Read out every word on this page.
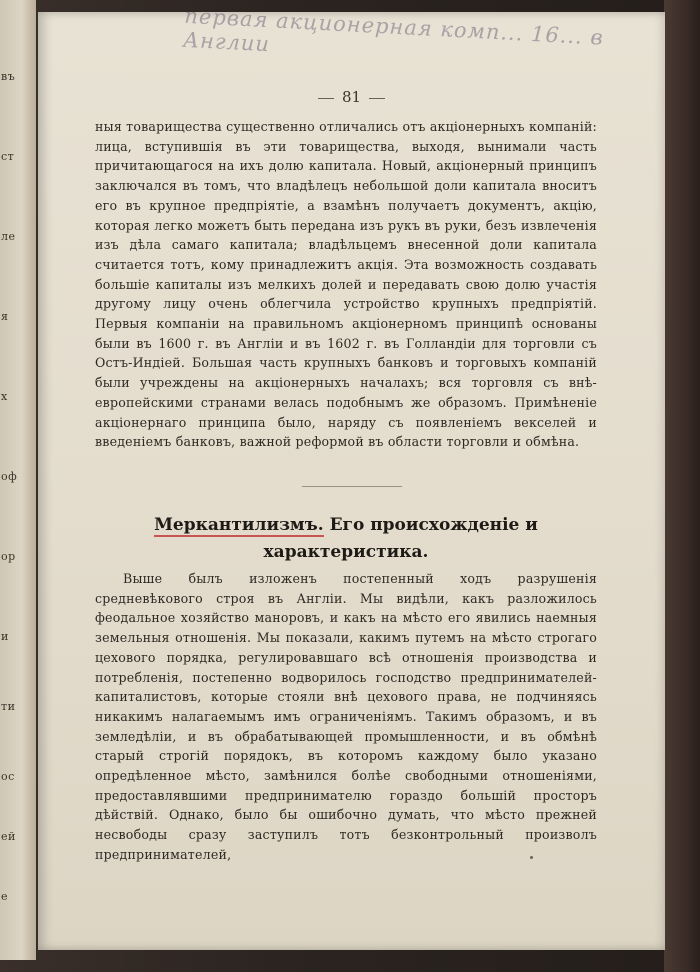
въ
ст
ле
я
х
оф
ор
и
ти
ос
ей
е
первая акционерная комп... 16... в Англии
81
ныя товарищества существенно отличались отъ акціонерныхъ компаній: лица, вступившія въ эти товарищества, выходя, вынимали часть причитающагося на ихъ долю капитала. Новый, акціонерный принципъ заключался въ томъ, что владѣлецъ небольшой доли капитала вноситъ его въ крупное предпріятіе, а взамѣнъ получаетъ документъ, акцію, которая легко можетъ быть передана изъ рукъ въ руки, безъ извлеченія изъ дѣла самаго капитала; владѣльцемъ внесенной доли капитала считается тотъ, кому принадлежитъ акція. Эта возможность создавать большіе капиталы изъ мелкихъ долей и передавать свою долю участія другому лицу очень облегчила устройство крупныхъ предпріятій. Первыя компаніи на правильномъ акціонерномъ принципѣ основаны были въ 1600 г. въ Англіи и въ 1602 г. въ Голландіи для торговли съ Остъ-Индіей. Большая часть крупныхъ банковъ и торговыхъ компаній были учреждены на акціонерныхъ началахъ; вся торговля съ внѣ-европейскими странами велась подобнымъ же образомъ. Примѣненіе акціонернаго принципа было, наряду съ появленіемъ векселей и введеніемъ банковъ, важной реформой въ области торговли и обмѣна.
Меркантилизмъ. Его происхожденіе и характеристика.
Выше былъ изложенъ постепенный ходъ разрушенія средневѣкового строя въ Англіи. Мы видѣли, какъ разложилось феодальное хозяйство маноровъ, и какъ на мѣсто его явились наемныя земельныя отношенія. Мы показали, какимъ путемъ на мѣсто строгаго цехового порядка, регулировавшаго всѣ отношенія производства и потребленія, постепенно водворилось господство предпринимателей-капиталистовъ, которые стояли внѣ цехового права, не подчиняясь никакимъ налагаемымъ имъ ограниченіямъ. Такимъ образомъ, и въ земледѣліи, и въ обрабатывающей промышленности, и въ обмѣнѣ старый строгій порядокъ, въ которомъ каждому было указано опредѣленное мѣсто, замѣнился болѣе свободными отношеніями, предоставлявшими предпринимателю гораздо большій просторъ дѣйствій. Однако, было бы ошибочно думать, что мѣсто прежней несвободы сразу заступилъ тотъ безконтрольный произволъ предпринимателей,
